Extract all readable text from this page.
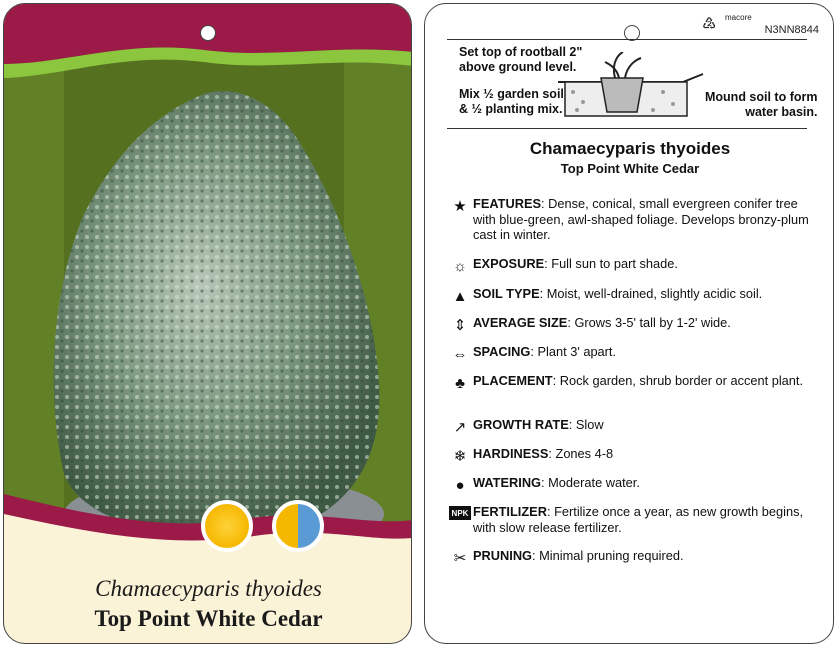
Chamaecyparis thyoides
Top Point White Cedar
♴ macore
N3NN8844
Set top of rootball 2"
above ground level.
Mix ½ garden soil
& ½ planting mix.
Mound soil to form
water basin.
Chamaecyparis thyoides
Top Point White Cedar
★ FEATURES: Dense, conical, small evergreen conifer tree with blue-green, awl-shaped foliage. Develops bronzy-plum cast in winter.
☼ EXPOSURE: Full sun to part shade.
▲ SOIL TYPE: Moist, well-drained, slightly acidic soil.
⇕ AVERAGE SIZE: Grows 3-5' tall by 1-2' wide.
⇔ SPACING: Plant 3' apart.
♣ PLACEMENT: Rock garden, shrub border or accent plant.
↗ GROWTH RATE: Slow
❄ HARDINESS: Zones 4-8
● WATERING: Moderate water.
NPK FERTILIZER: Fertilize once a year, as new growth begins, with slow release fertilizer.
✂ PRUNING: Minimal pruning required.
